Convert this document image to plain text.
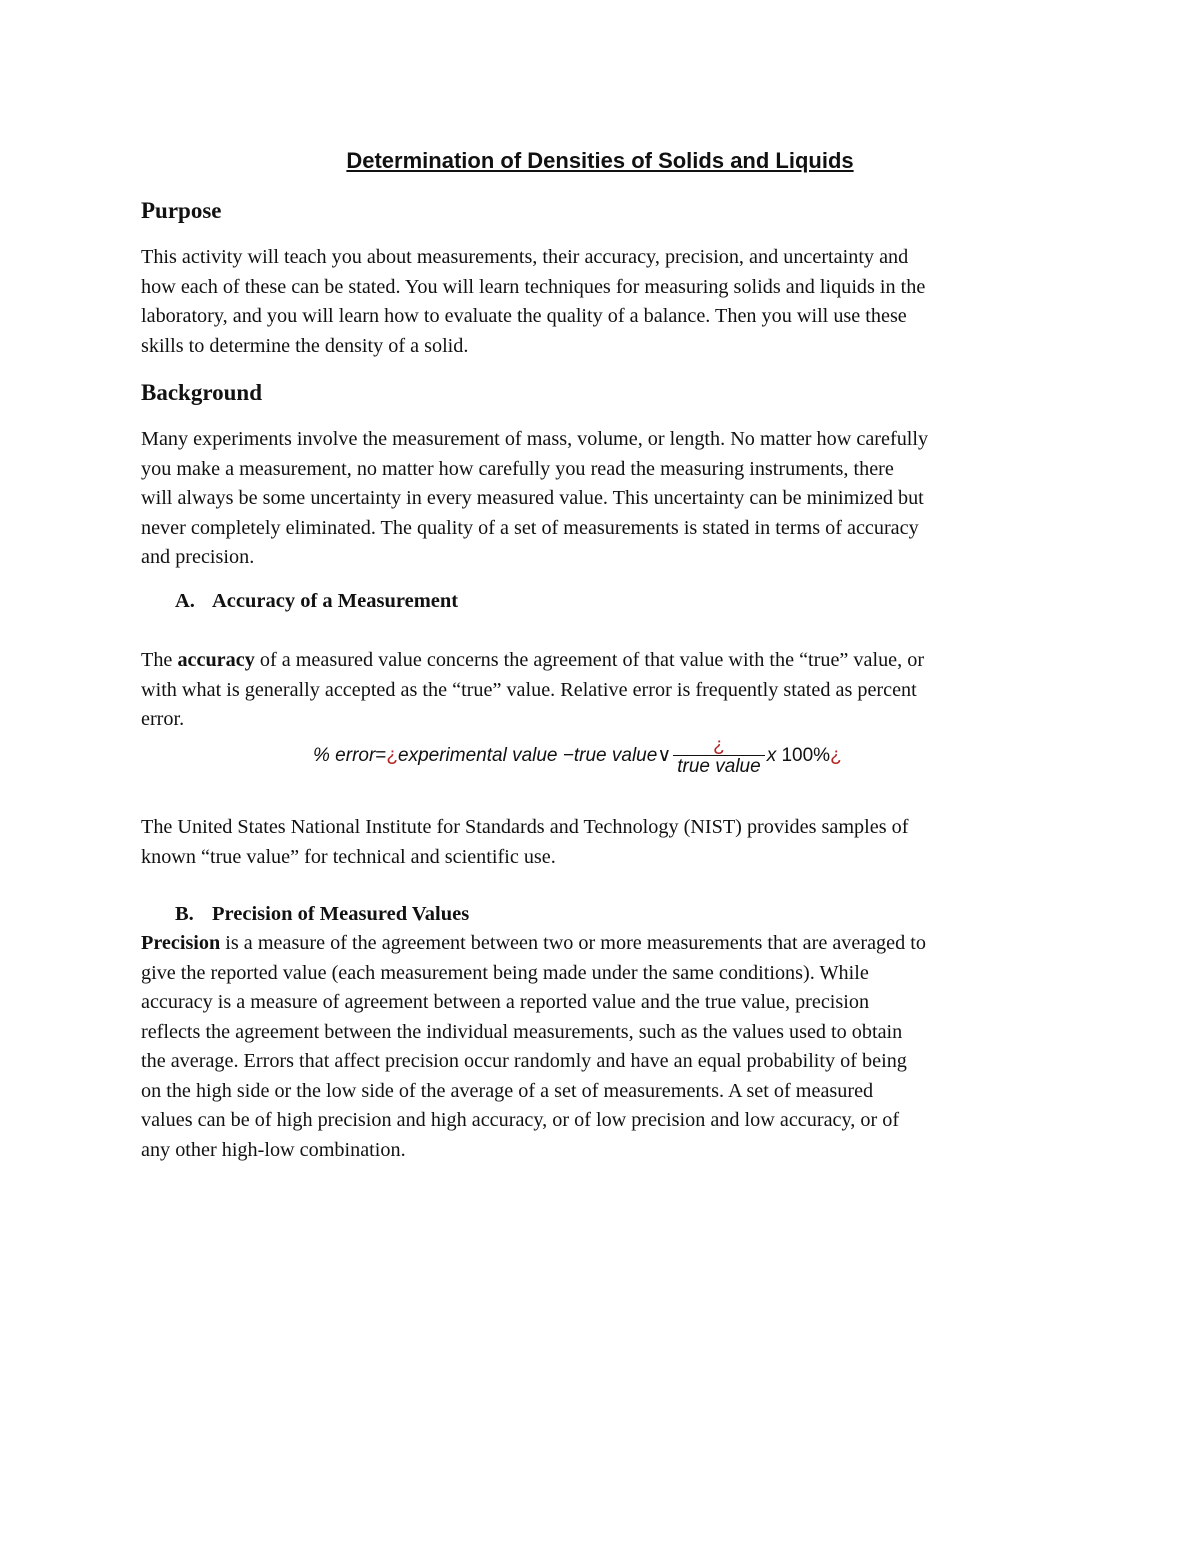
Determination of Densities of Solids and Liquids
Purpose

This activity will teach you about measurements, their accuracy, precision, and uncertainty and

how each of these can be stated. You will learn techniques for measuring solids and liquids in the

laboratory, and you will learn how to evaluate the quality of a balance. Then you will use these

skills to determine the density of a solid.

Background

Many experiments involve the measurement of mass, volume, or length. No matter how carefully

you make a measurement, no matter how carefully you read the measuring instruments, there

will always be some uncertainty in every measured value. This uncertainty can be minimized but

never completely eliminated. The quality of a set of measurements is stated in terms of accuracy

and precision.

A. Accuracy of a Measurement

The accuracy of a measured value concerns the agreement of that value with the “true” value, or

with what is generally accepted as the “true” value. Relative error is frequently stated as percent

error.

% error = ¿ experimental value −true value ∨ $\frac{¿}{\text{true value}}$ x
100% ¿

The United States National Institute for Standards and Technology (NIST) provides samples of

known “true value” for technical and scientific use.

B. Precision of Measured Values

Precision is a measure of the agreement between two or more measurements that are averaged to

give the reported value (each measurement being made under the same conditions). While

accuracy is a measure of agreement between a reported value and the true value, precision

reflects the agreement between the individual measurements, such as the values used to obtain

the average. Errors that affect precision occur randomly and have an equal probability of being

on the high side or the low side of the average of a set of measurements. A set of measured

values can be of high precision and high accuracy, or of low precision and low accuracy, or of

any other high-low combination.
